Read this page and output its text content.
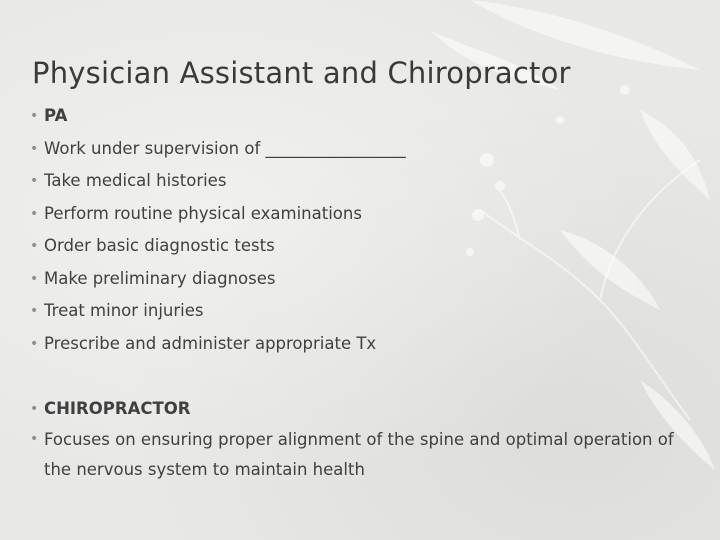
Physician Assistant and Chiropractor
• PA
• Work under supervision of _________________
• Take medical histories
• Perform routine physical examinations
• Order basic diagnostic tests
• Make preliminary diagnoses
• Treat minor injuries
• Prescribe and administer appropriate Tx
• CHIROPRACTOR
• Focuses on ensuring proper alignment of the spine and optimal operation of the nervous system to maintain health
